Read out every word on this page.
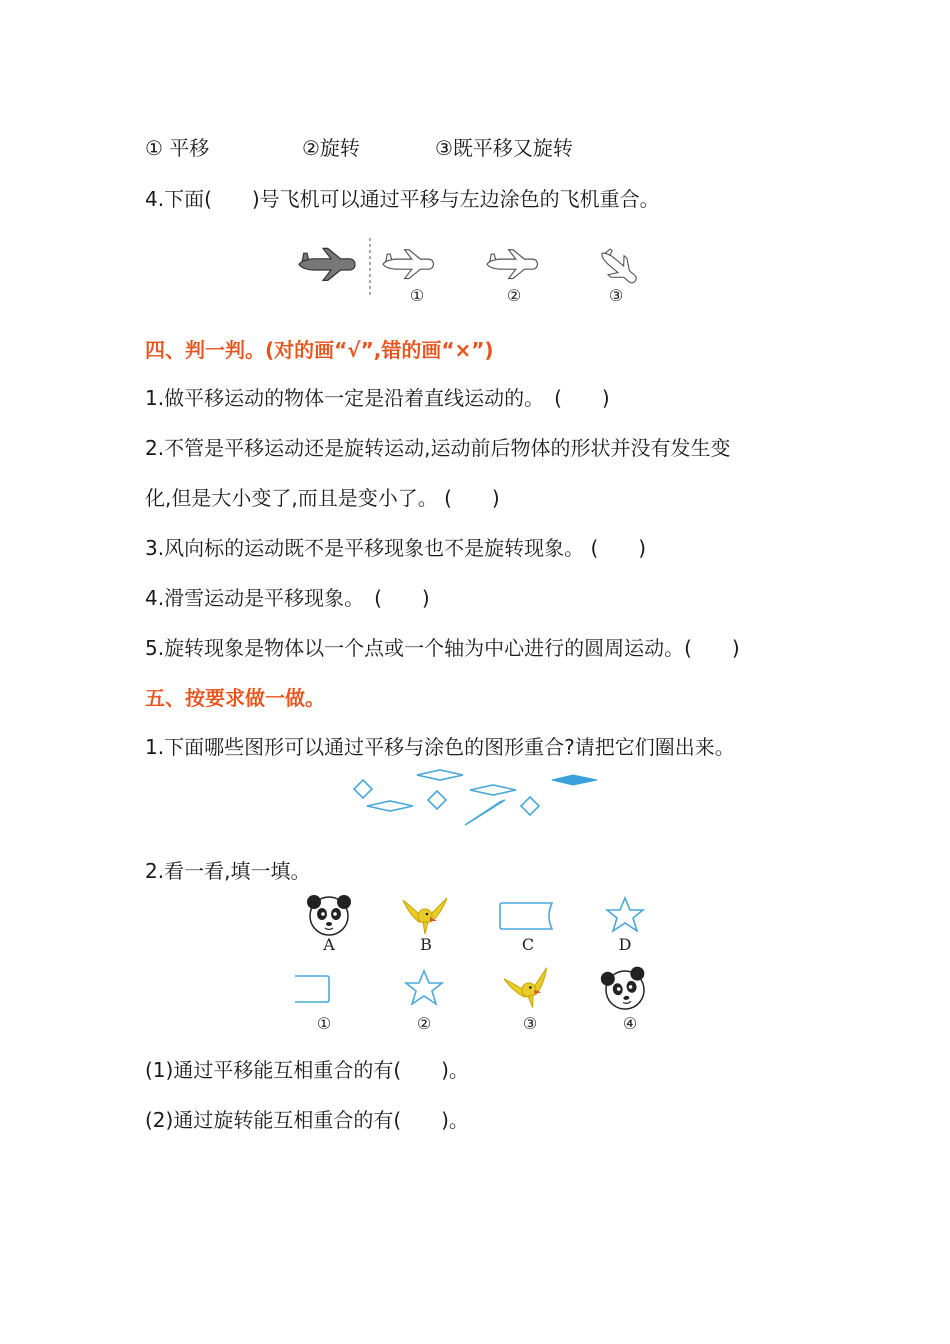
① 平移	②旋转	③既平移又旋转
4.下面(　　)号飞机可以通过平移与左边涂色的飞机重合。
①	②	③
四、判一判。(对的画“√”,错的画“×”)
1.做平移运动的物体一定是沿着直线运动的。　(　　)
2.不管是平移运动还是旋转运动,运动前后物体的形状并没有发生变
化,但是大小变了,而且是变小了。 (　　)
3.风向标的运动既不是平移现象也不是旋转现象。 (　　)
4.滑雪运动是平移现象。　(　　)
5.旋转现象是物体以一个点或一个轴为中心进行的圆周运动。(　　)
五、按要求做一做。
1.下面哪些图形可以通过平移与涂色的图形重合?请把它们圈出来。
2.看一看,填一填。
A	B	C	D
①	②	③	④
(1)通过平移能互相重合的有(　　)。
(2)通过旋转能互相重合的有(　　)。
